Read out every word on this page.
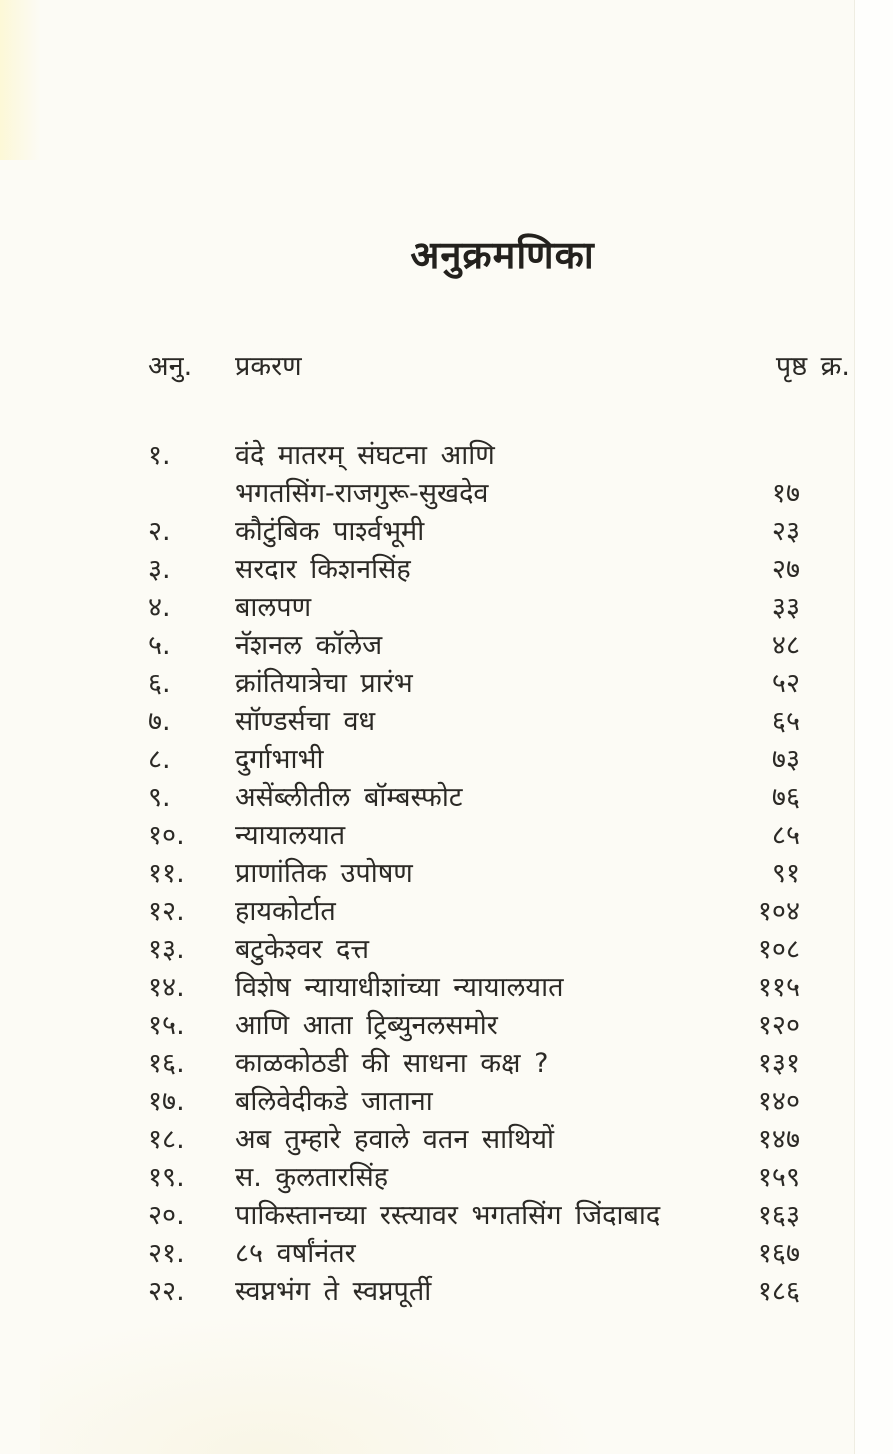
अनुक्रमणिका
अनु.	प्रकरण	पृष्ठ क्र.
१.	वंदे मातरम् संघटना आणि
भगतसिंग-राजगुरू-सुखदेव	१७
२.	कौटुंबिक पार्श्वभूमी	२३
३.	सरदार किशनसिंह	२७
४.	बालपण	३३
५.	नॅशनल कॉलेज	४८
६.	क्रांतियात्रेचा प्रारंभ	५२
७.	सॉण्डर्सचा वध	६५
८.	दुर्गाभाभी	७३
९.	असेंब्लीतील बॉम्बस्फोट	७६
१०.	न्यायालयात	८५
११.	प्राणांतिक उपोषण	९१
१२.	हायकोर्टात	१०४
१३.	बटुकेश्वर दत्त	१०८
१४.	विशेष न्यायाधीशांच्या न्यायालयात	११५
१५.	आणि आता ट्रिब्युनलसमोर	१२०
१६.	काळकोठडी की साधना कक्ष ?	१३१
१७.	बलिवेदीकडे जाताना	१४०
१८.	अब तुम्हारे हवाले वतन साथियों	१४७
१९.	स. कुलतारसिंह	१५९
२०.	पाकिस्तानच्या रस्त्यावर भगतसिंग जिंदाबाद	१६३
२१.	८५ वर्षांनंतर	१६७
२२.	स्वप्नभंग ते स्वप्नपूर्ती	१८६
